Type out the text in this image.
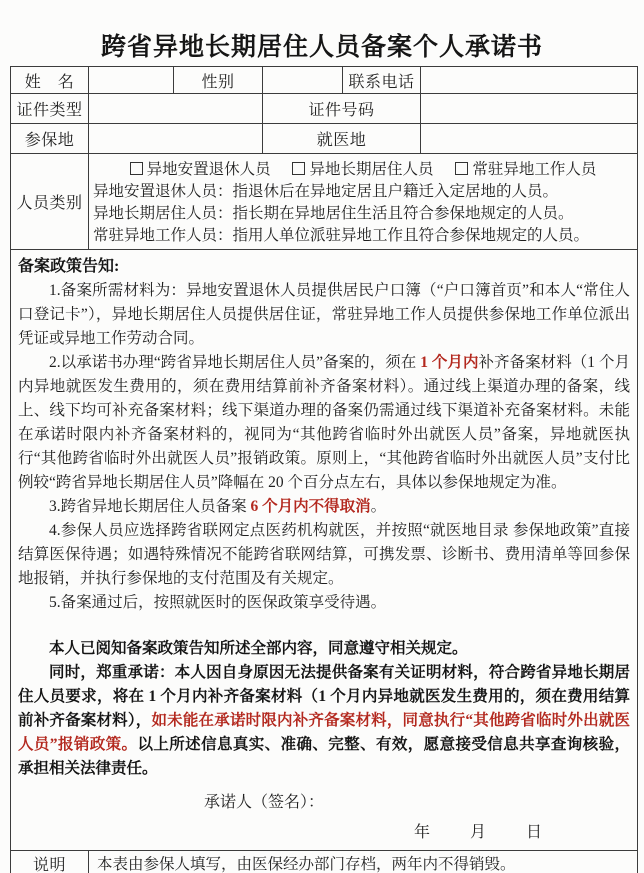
跨省异地长期居住人员备案个人承诺书
姓　名		性别		联系电话	
证件类型			证件号码		
参保地			就医地		
人员类别	异地安置退休人员 异地长期居住人员 常驻异地工作人员
异地安置退休人员：指退休后在异地定居且户籍迁入定居地的人员。
异地长期居住人员：指长期在异地居住生活且符合参保地规定的人员。
常驻异地工作人员：指用人单位派驻异地工作且符合参保地规定的人员。				

备案政策告知:

1.备案所需材料为：异地安置退休人员提供居民户口簿（“户口簿首页”和本人“常住人口登记卡”），异地长期居住人员提供居住证，常驻异地工作人员提供参保地工作单位派出凭证或异地工作劳动合同。

2.以承诺书办理“跨省异地长期居住人员”备案的，须在 1 个月内补齐备案材料（1 个月内异地就医发生费用的，须在费用结算前补齐备案材料）。通过线上渠道办理的备案，线上、线下均可补充备案材料；线下渠道办理的备案仍需通过线下渠道补充备案材料。未能在承诺时限内补齐备案材料的，视同为“其他跨省临时外出就医人员”备案，异地就医执行“其他跨省临时外出就医人员”报销政策。原则上，“其他跨省临时外出就医人员”支付比例较“跨省异地长期居住人员”降幅在 20 个百分点左右，具体以参保地规定为准。

3.跨省异地长期居住人员备案 6 个月内不得取消。

4.参保人员应选择跨省联网定点医药机构就医，并按照“就医地目录 参保地政策”直接结算医保待遇；如遇特殊情况不能跨省联网结算，可携发票、诊断书、费用清单等回参保地报销，并执行参保地的支付范围及有关规定。

5.备案通过后，按照就医时的医保政策享受待遇。

本人已阅知备案政策告知所述全部内容，同意遵守相关规定。

同时，郑重承诺：本人因自身原因无法提供备案有关证明材料，符合跨省异地长期居住人员要求，将在 1 个月内补齐备案材料（1 个月内异地就医发生费用的，须在费用结算前补齐备案材料），如未能在承诺时限内补齐备案材料，同意执行“其他跨省临时外出就医人员”报销政策。以上所述信息真实、准确、完整、有效，愿意接受信息共享查询核验，承担相关法律责任。

承诺人（签名）：
年	月	日

说明	本表由参保人填写，由医保经办部门存档，两年内不得销毁。				
